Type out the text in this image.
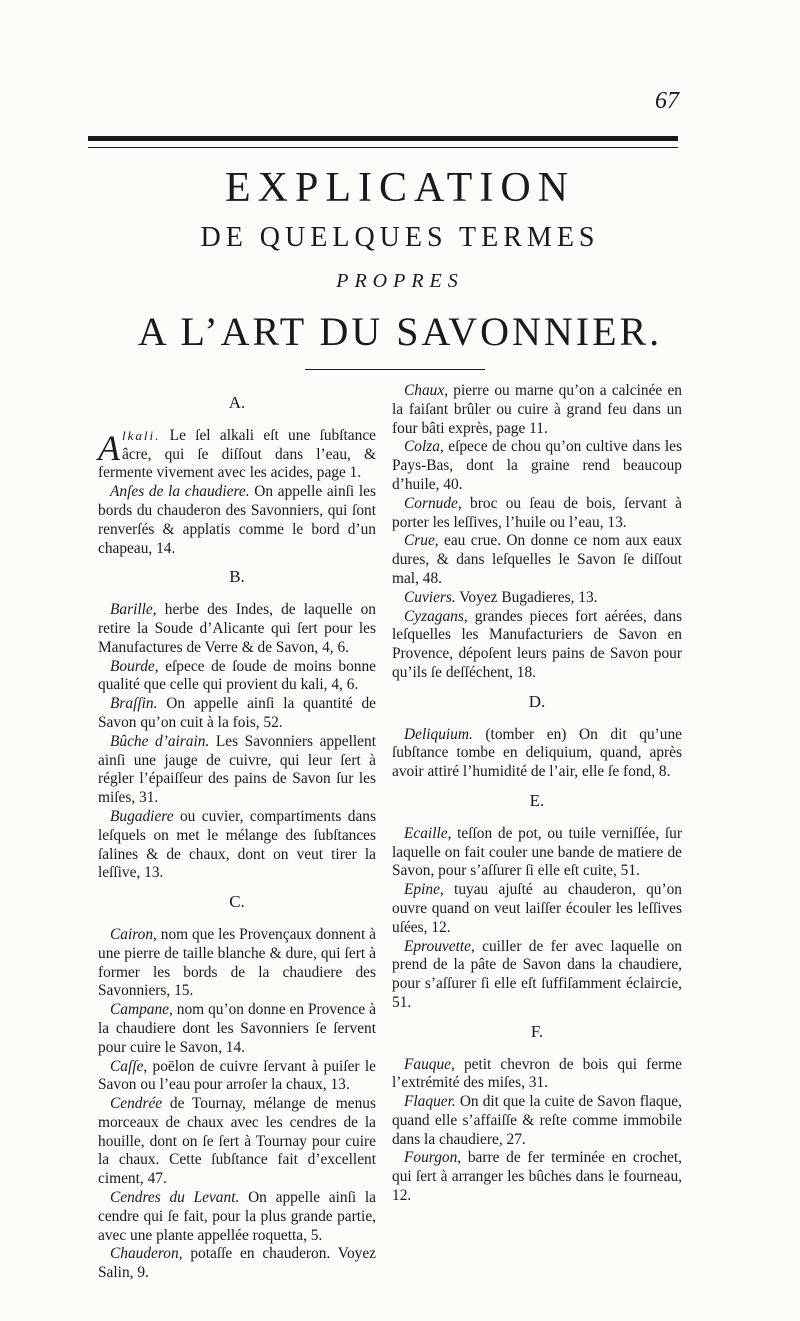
67
EXPLICATION
DE QUELQUES TERMES
PROPRES
A L’ART DU SAVONNIER.
A.

Alkali. Le ſel alkali eſt une ſubſtance âcre, qui ſe diſſout dans l’eau, & fermente vivement avec les acides, page 1.

Anſes de la chaudiere. On appelle ainſi les bords du chauderon des Savonniers, qui ſont renverſés & applatis comme le bord d’un chapeau, 14.

B.

Barille, herbe des Indes, de laquelle on retire la Soude d’Alicante qui ſert pour les Manufactures de Verre & de Savon, 4, 6.

Bourde, eſpece de ſoude de moins bonne qualité que celle qui provient du kali, 4, 6.

Braſſin. On appelle ainſi la quantité de Savon qu’on cuit à la fois, 52.

Bûche d’airain. Les Savonniers appellent ainſi une jauge de cuivre, qui leur ſert à régler l’épaiſſeur des pains de Savon ſur les miſes, 31.

Bugadiere ou cuvier, compartiments dans leſquels on met le mélange des ſubſtances ſalines & de chaux, dont on veut tirer la leſſive, 13.

C.

Cairon, nom que les Provençaux donnent à une pierre de taille blanche & dure, qui ſert à former les bords de la chaudiere des Savonniers, 15.

Campane, nom qu’on donne en Provence à la chaudiere dont les Savonniers ſe ſervent pour cuire le Savon, 14.

Caſſe, poëlon de cuivre ſervant à puiſer le Savon ou l’eau pour arroſer la chaux, 13.

Cendrée de Tournay, mélange de menus morceaux de chaux avec les cendres de la houille, dont on ſe ſert à Tournay pour cuire la chaux. Cette ſubſtance fait d’excellent ciment, 47.

Cendres du Levant. On appelle ainſi la cendre qui ſe fait, pour la plus grande partie, avec une plante appellée roquetta, 5.

Chauderon, potaſſe en chauderon. Voyez Salin, 9.

Chaux, pierre ou marne qu’on a calcinée en la faiſant brûler ou cuire à grand feu dans un four bâti exprès, page 11.

Colza, eſpece de chou qu’on cultive dans les Pays-Bas, dont la graine rend beaucoup d’huile, 40.

Cornude, broc ou ſeau de bois, ſervant à porter les leſſives, l’huile ou l’eau, 13.

Crue, eau crue. On donne ce nom aux eaux dures, & dans leſquelles le Savon ſe diſſout mal, 48.

Cuviers. Voyez Bugadieres, 13.

Cyzagans, grandes pieces fort aérées, dans leſquelles les Manufacturiers de Savon en Provence, dépoſent leurs pains de Savon pour qu’ils ſe deſſéchent, 18.

D.

Deliquium. (tomber en) On dit qu’une ſubſtance tombe en deliquium, quand, après avoir attiré l’humidité de l’air, elle ſe fond, 8.

E.

Ecaille, teſſon de pot, ou tuile verniſſée, ſur laquelle on fait couler une bande de matiere de Savon, pour s’aſſurer ſi elle eſt cuite, 51.

Epine, tuyau ajuſté au chauderon, qu’on ouvre quand on veut laiſſer écouler les leſſives uſées, 12.

Eprouvette, cuiller de fer avec laquelle on prend de la pâte de Savon dans la chaudiere, pour s’aſſurer ſi elle eſt ſuffiſamment éclaircie, 51.

F.

Fauque, petit chevron de bois qui ferme l’extrémité des miſes, 31.

Flaquer. On dit que la cuite de Savon flaque, quand elle s’affaiſſe & reſte comme immobile dans la chaudiere, 27.

Fourgon, barre de fer terminée en crochet, qui ſert à arranger les bûches dans le fourneau, 12.
